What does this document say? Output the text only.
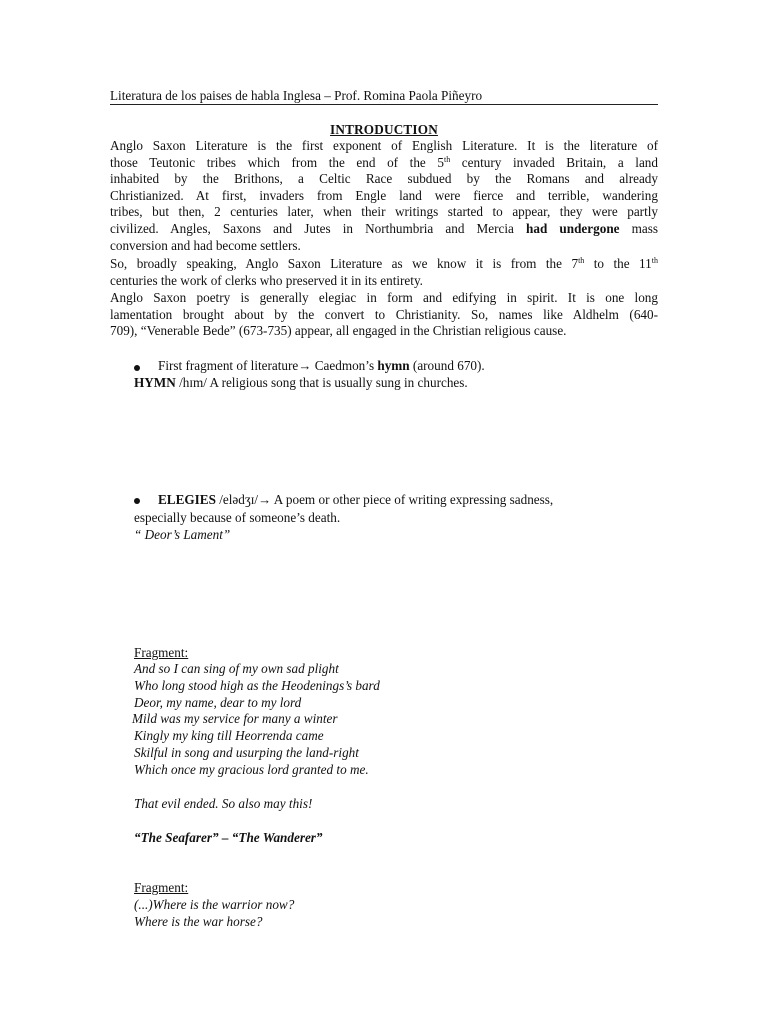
Literatura de los paises de habla Inglesa – Prof. Romina Paola Piñeyro
INTRODUCTION
Anglo Saxon Literature is the first exponent of English Literature. It is the literature of
those Teutonic tribes which from the end of the 5th century invaded Britain, a land
inhabited by the Brithons, a Celtic Race subdued by the Romans and already
Christianized. At first, invaders from Engle land were fierce and terrible, wandering
tribes, but then, 2 centuries later, when their writings started to appear, they were partly
civilized. Angles, Saxons and Jutes in Northumbria and Mercia had undergone mass
conversion and had become settlers.
So, broadly speaking, Anglo Saxon Literature as we know it is from the 7th to the 11th
centuries the work of clerks who preserved it in its entirety.
Anglo Saxon poetry is generally elegiac in form and edifying in spirit. It is one long
lamentation brought about by the convert to Christianity. So, names like Aldhelm (640-
709), “Venerable Bede” (673-735) appear, all engaged in the Christian religious cause.
First fragment of literature→ Caedmon’s hymn (around 670).
HYMN /hɪm/ A religious song that is usually sung in churches.
ELEGIES /elədʒɪ/→ A poem or other piece of writing expressing sadness,
especially because of someone’s death.
“ Deor’s Lament”
Fragment:
And so I can sing of my own sad plight
Who long stood high as the Heodenings’s bard
Deor, my name, dear to my lord
Mild was my service for many a winter
Kingly my king till Heorrenda came
Skilful in song and usurping the land-right
Which once my gracious lord granted to me.
That evil ended. So also may this!
“The Seafarer” – “The Wanderer”
Fragment:
(...)Where is the warrior now?
Where is the war horse?
